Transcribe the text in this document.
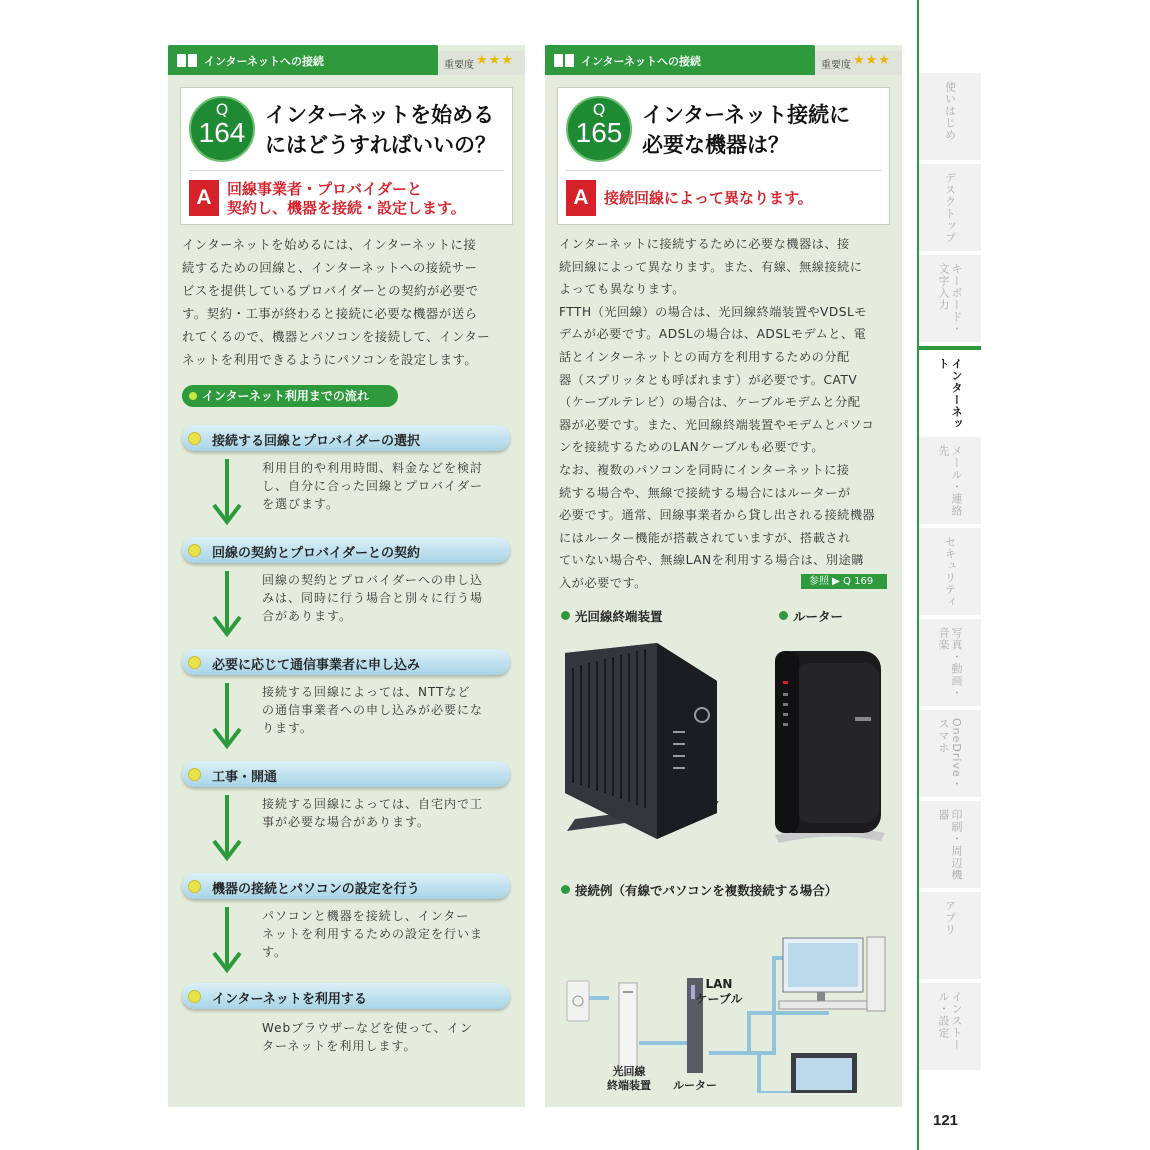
インターネットへの接続	重要度 ★★★
Q
164
インターネットを始める
にはどうすればいいの？
A	回線事業者・プロバイダーと
契約し、機器を接続・設定します。
インターネットを始めるには、インターネットに接
続するための回線と、インターネットへの接続サー
ビスを提供しているプロバイダーとの契約が必要で
す。契約・工事が終わると接続に必要な機器が送ら
れてくるので、機器とパソコンを接続して、インター
ネットを利用できるようにパソコンを設定します。
インターネット利用までの流れ
接続する回線とプロバイダーの選択
利用目的や利用時間、料金などを検討
し、自分に合った回線とプロバイダー
を選びます。
回線の契約とプロバイダーとの契約
回線の契約とプロバイダーへの申し込
みは、同時に行う場合と別々に行う場
合があります。
必要に応じて通信事業者に申し込み
接続する回線によっては、NTTなど
の通信事業者への申し込みが必要にな
ります。
工事・開通
接続する回線によっては、自宅内で工
事が必要な場合があります。
機器の接続とパソコンの設定を行う
パソコンと機器を接続し、インター
ネットを利用するための設定を行いま
す。
インターネットを利用する
Webブラウザーなどを使って、イン
ターネットを利用します。
インターネットへの接続	重要度 ★★★
Q
165
インターネット接続に
必要な機器は？
A	接続回線によって異なります。
インターネットに接続するために必要な機器は、接
続回線によって異なります。また、有線、無線接続に
よっても異なります。
FTTH（光回線）の場合は、光回線終端装置やVDSLモ
デムが必要です。ADSLの場合は、ADSLモデムと、電
話とインターネットとの両方を利用するための分配
器（スプリッタとも呼ばれます）が必要です。CATV
（ケーブルテレビ）の場合は、ケーブルモデムと分配
器が必要です。また、光回線終端装置やモデムとパソコ
ンを接続するためのLANケーブルも必要です。
なお、複数のパソコンを同時にインターネットに接
続する場合や、無線で接続する場合にはルーターが
必要です。通常、回線事業者から貸し出される接続機器
にはルーター機能が搭載されていますが、搭載され
ていない場合や、無線LANを利用する場合は、別途購
入が必要です。	参照 ▶ Q 169
光回線終端装置	ルーター
接続例（有線でパソコンを複数接続する場合）
LAN
ケーブル
光回線
終端装置 ルーター
使いはじめ
デスクトップ
キーボード・文字入力
インターネット
メール・連絡先
セキュリティ
写真・動画・音楽
OneDrive・スマホ
印刷・周辺機器
アプリ
インストール・設定
121
